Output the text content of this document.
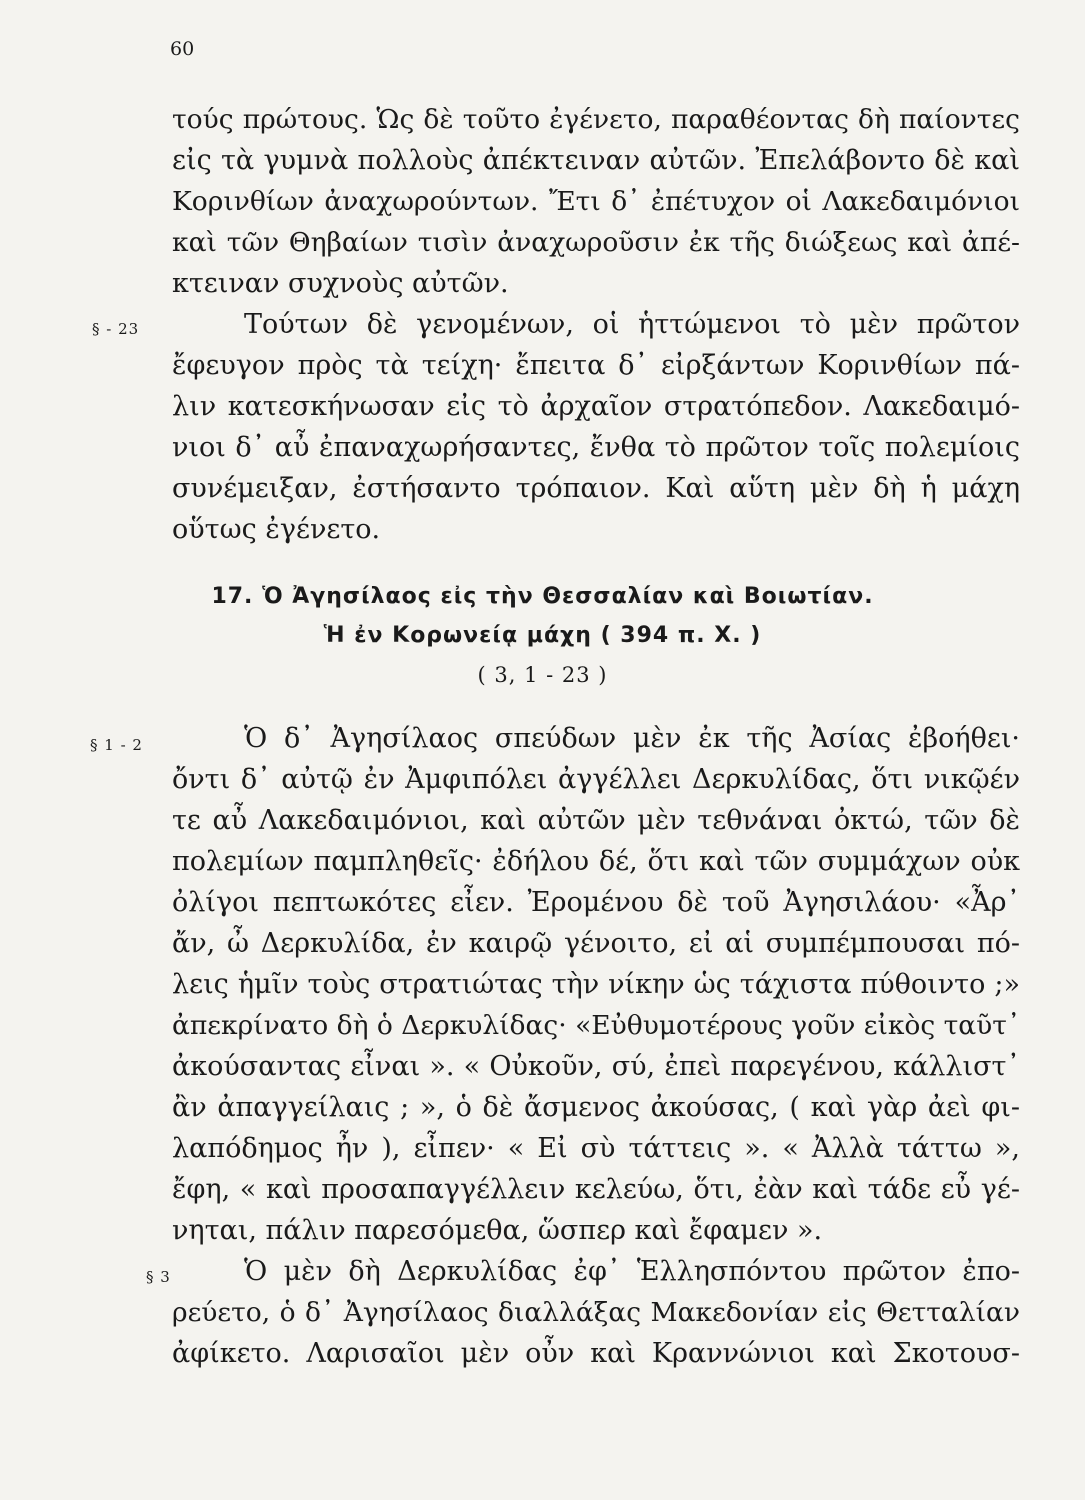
60
τούς πρώτους. Ὡς δὲ τοῦτο ἐγένετο, παραθέοντας δὴ παίοντες
εἰς τὰ γυμνὰ πολλοὺς ἀπέκτειναν αὐτῶν. Ἐπελάβοντο δὲ καὶ
Κορινθίων ἀναχωρούντων. Ἔτι δ᾽ ἐπέτυχον οἱ Λακεδαιμόνιοι
καὶ τῶν Θηβαίων τισὶν ἀναχωροῦσιν ἐκ τῆς διώξεως καὶ ἀπέ-
κτειναν συχνοὺς αὐτῶν.
§ - 23	Τούτων δὲ γενομένων, οἱ ἡττώμενοι τὸ μὲν πρῶτον
ἔφευγον πρὸς τὰ τείχη· ἔπειτα δ᾽ εἰρξάντων Κορινθίων πά-
λιν κατεσκήνωσαν εἰς τὸ ἀρχαῖον στρατόπεδον. Λακεδαιμό-
νιοι δ᾽ αὖ ἐπαναχωρήσαντες, ἔνθα τὸ πρῶτον τοῖς πολεμίοις
συνέμειξαν, ἐστήσαντο τρόπαιον. Καὶ αὕτη μὲν δὴ ἡ μάχη
οὕτως ἐγένετο.
17. Ὁ Ἀγησίλαος εἰς τὴν Θεσσαλίαν καὶ Βοιωτίαν.
Ἡ ἐν Κορωνείᾳ μάχη ( 394 π. Χ. )
( 3, 1 - 23 )
§ 1 - 2	Ὁ δ᾽ Ἀγησίλαος σπεύδων μὲν ἐκ τῆς Ἀσίας ἐβοήθει·
ὄντι δ᾽ αὐτῷ ἐν Ἀμφιπόλει ἀγγέλλει Δερκυλίδας, ὅτι νικῷέν
τε αὖ Λακεδαιμόνιοι, καὶ αὐτῶν μὲν τεθνάναι ὀκτώ, τῶν δὲ
πολεμίων παμπληθεῖς· ἐδήλου δέ, ὅτι καὶ τῶν συμμάχων οὐκ
ὀλίγοι πεπτωκότες εἶεν. Ἐρομένου δὲ τοῦ Ἀγησιλάου· «Ἆρ᾽
ἄν, ὦ Δερκυλίδα, ἐν καιρῷ γένοιτο, εἰ αἱ συμπέμπουσαι πό-
λεις ἡμῖν τοὺς στρατιώτας τὴν νίκην ὡς τάχιστα πύθοιντο ;»
ἀπεκρίνατο δὴ ὁ Δερκυλίδας· «Εὐθυμοτέρους γοῦν εἰκὸς ταῦτ᾽
ἀκούσαντας εἶναι ». « Οὐκοῦν, σύ, ἐπεὶ παρεγένου, κάλλιστ᾽
ἂν ἀπαγγείλαις ; », ὁ δὲ ἄσμενος ἀκούσας, ( καὶ γὰρ ἀεὶ φι-
λαπόδημος ἦν ), εἶπεν· « Εἰ σὺ τάττεις ». « Ἀλλὰ τάττω »,
ἔφη, « καὶ προσαπαγγέλλειν κελεύω, ὅτι, ἐὰν καὶ τάδε εὖ γέ-
νηται, πάλιν παρεσόμεθα, ὥσπερ καὶ ἔφαμεν ».
§ 3	Ὁ μὲν δὴ Δερκυλίδας ἐφ᾽ Ἑλλησπόντου πρῶτον ἐπο-
ρεύετο, ὁ δ᾽ Ἀγησίλαος διαλλάξας Μακεδονίαν εἰς Θετταλίαν
ἀφίκετο. Λαρισαῖοι μὲν οὖν καὶ Κραννώνιοι καὶ Σκοτουσ-
